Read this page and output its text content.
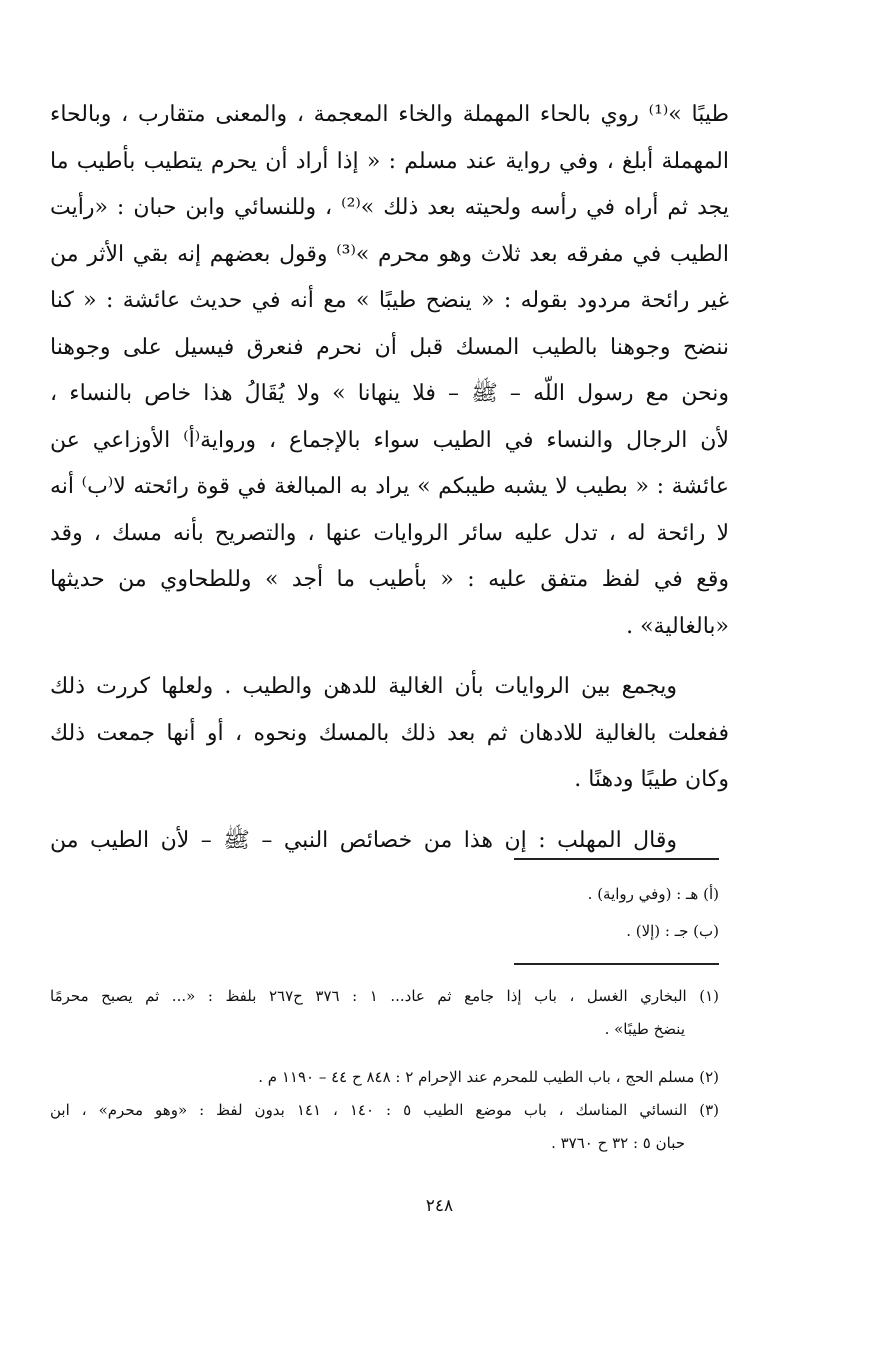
طيبًا »⁽¹⁾ روي بالحاء المهملة والخاء المعجمة ، والمعنى متقارب ، وبالحاء
المهملة أبلغ ، وفي رواية عند مسلم : « إذا أراد أن يحرم يتطيب بأطيب ما
يجد ثم أراه في رأسه ولحيته بعد ذلك »⁽²⁾ ، وللنسائي وابن حبان : «رأيت
الطيب في مفرقه بعد ثلاث وهو محرم »⁽³⁾ وقول بعضهم إنه بقي الأثر من
غير رائحة مردود بقوله : « ينضح طيبًا » مع أنه في حديث عائشة : « كنا
ننضح وجوهنا بالطيب المسك قبل أن نحرم فنعرق فيسيل على وجوهنا
ونحن مع رسول اللّه – ﷺ – فلا ينهانا » ولا يُقَالُ هذا خاص بالنساء ،
لأن الرجال والنساء في الطيب سواء بالإجماع ، ورواية⁽أ⁾ الأوزاعي عن
عائشة : « بطيب لا يشبه طيبكم » يراد به المبالغة في قوة رائحته لا⁽ب⁾ أنه
لا رائحة له ، تدل عليه سائر الروايات عنها ، والتصريح بأنه مسك ، وقد
وقع في لفظ متفق عليه : « بأطيب ما أجد » وللطحاوي من حديثها
«بالغالية» .
ويجمع بين الروايات بأن الغالية للدهن والطيب . ولعلها كررت ذلك
ففعلت بالغالية للادهان ثم بعد ذلك بالمسك ونحوه ، أو أنها جمعت ذلك
وكان طيبًا ودهنًا .
وقال المهلب : إن هذا من خصائص النبي – ﷺ – لأن الطيب من
(أ) هـ : (وفي رواية) .
(ب) جـ : (إلا) .
(١) البخاري الغسل ، باب إذا جامع ثم عاد... ١ : ٣٧٦ ح٢٦٧ بلفظ : «... ثم يصبح محرمًا
ينضخ طيبًا» .
(٢) مسلم الحج ، باب الطيب للمحرم عند الإحرام ٢ : ٨٤٨ ح ٤٤ – ١١٩٠ م .
(٣) النسائي المناسك ، باب موضع الطيب ٥ : ١٤٠ ، ١٤١ بدون لفظ : «وهو محرم» ، ابن
حبان ٥ : ٣٢ ح ٣٧٦٠ .
٢٤٨
